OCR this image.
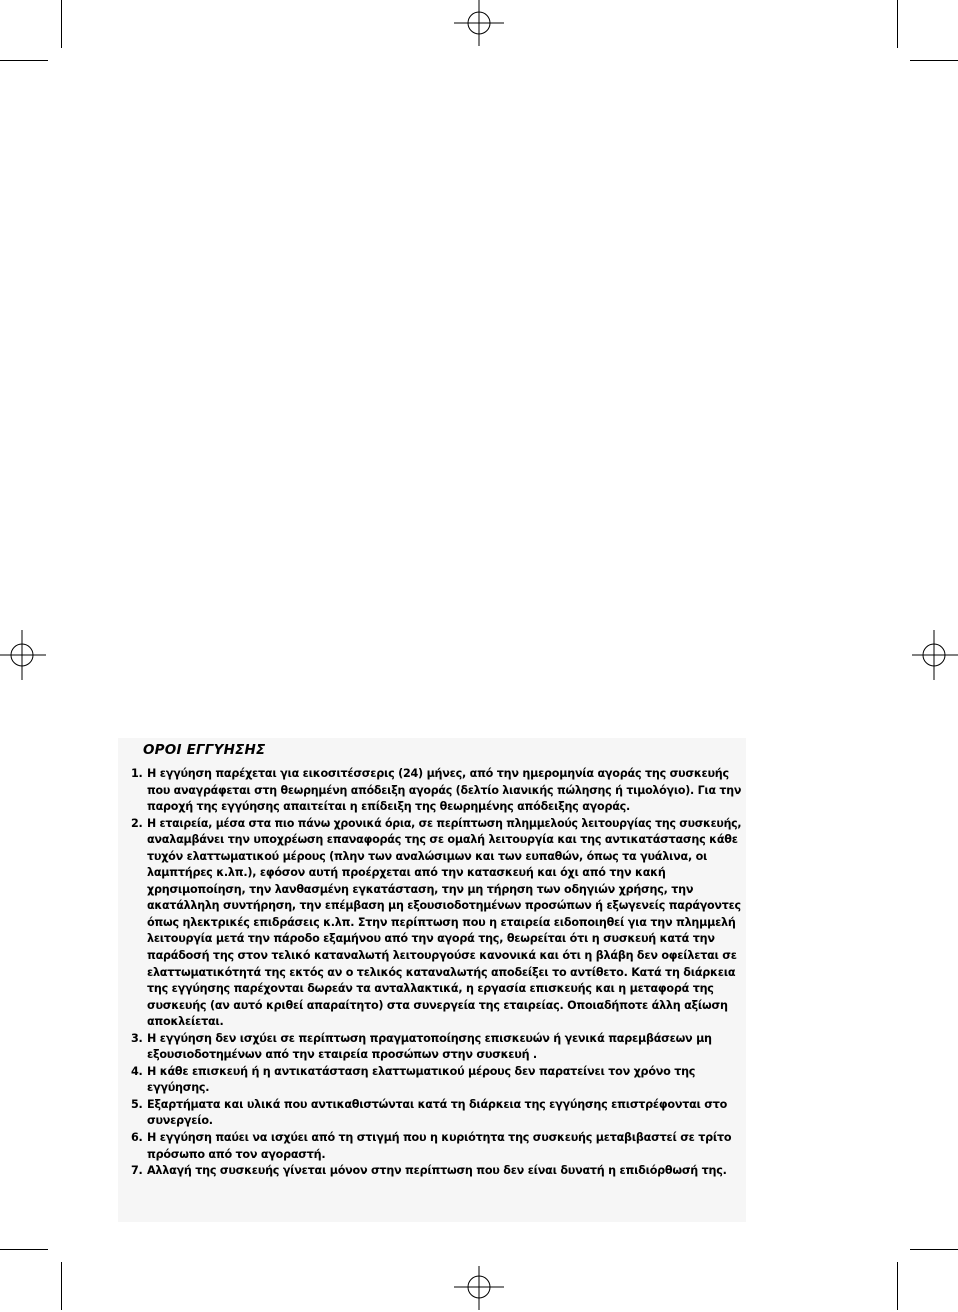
ΟΡΟΙ ΕΓΓΥΗΣΗΣ
1. Η εγγύηση παρέχεται για εικοσιτέσσερις (24) μήνες, από την ημερομηνία αγοράς της συσκευής
που αναγράφεται στη θεωρημένη απόδειξη αγοράς (δελτίο λιανικής πώλησης ή τιμολόγιο). Για την
παροχή της εγγύησης απαιτείται η επίδειξη της θεωρημένης απόδειξης αγοράς.
2. Η εταιρεία, μέσα στα πιο πάνω χρονικά όρια, σε περίπτωση πλημμελούς λειτουργίας της συσκευής,
αναλαμβάνει την υποχρέωση επαναφοράς της σε ομαλή λειτουργία και της αντικατάστασης κάθε
τυχόν ελαττωματικού μέρους (πλην των αναλώσιμων και των ευπαθών, όπως τα γυάλινα, οι
λαμπτήρες κ.λπ.), εφόσον αυτή προέρχεται από την κατασκευή και όχι από την κακή
χρησιμοποίηση, την λανθασμένη εγκατάσταση, την μη τήρηση των οδηγιών χρήσης, την
ακατάλληλη συντήρηση, την επέμβαση μη εξουσιοδοτημένων προσώπων ή εξωγενείς παράγοντες
όπως ηλεκτρικές επιδράσεις κ.λπ. Στην περίπτωση που η εταιρεία ειδοποιηθεί για την πλημμελή
λειτουργία μετά την πάροδο εξαμήνου από την αγορά της, θεωρείται ότι η συσκευή κατά την
παράδοσή της στον τελικό καταναλωτή λειτουργούσε κανονικά και ότι η βλάβη δεν οφείλεται σε
ελαττωματικότητά της εκτός αν ο τελικός καταναλωτής αποδείξει το αντίθετο. Κατά τη διάρκεια
της εγγύησης παρέχονται δωρεάν τα ανταλλακτικά, η εργασία επισκευής και η μεταφορά της
συσκευής (αν αυτό κριθεί απαραίτητο) στα συνεργεία της εταιρείας. Οποιαδήποτε άλλη αξίωση
αποκλείεται.
3. Η εγγύηση δεν ισχύει σε περίπτωση πραγματοποίησης επισκευών ή γενικά παρεμβάσεων μη
εξουσιοδοτημένων από την εταιρεία προσώπων στην συσκευή .
4. Η κάθε επισκευή ή η αντικατάσταση ελαττωματικού μέρους δεν παρατείνει τον χρόνο της
εγγύησης.
5. Εξαρτήματα και υλικά που αντικαθιστώνται κατά τη διάρκεια της εγγύησης επιστρέφονται στο
συνεργείο.
6. Η εγγύηση παύει να ισχύει από τη στιγμή που η κυριότητα της συσκευής μεταβιβαστεί σε τρίτο
πρόσωπο από τον αγοραστή.
7. Αλλαγή της συσκευής γίνεται μόνον στην περίπτωση που δεν είναι δυνατή η επιδιόρθωσή της.
